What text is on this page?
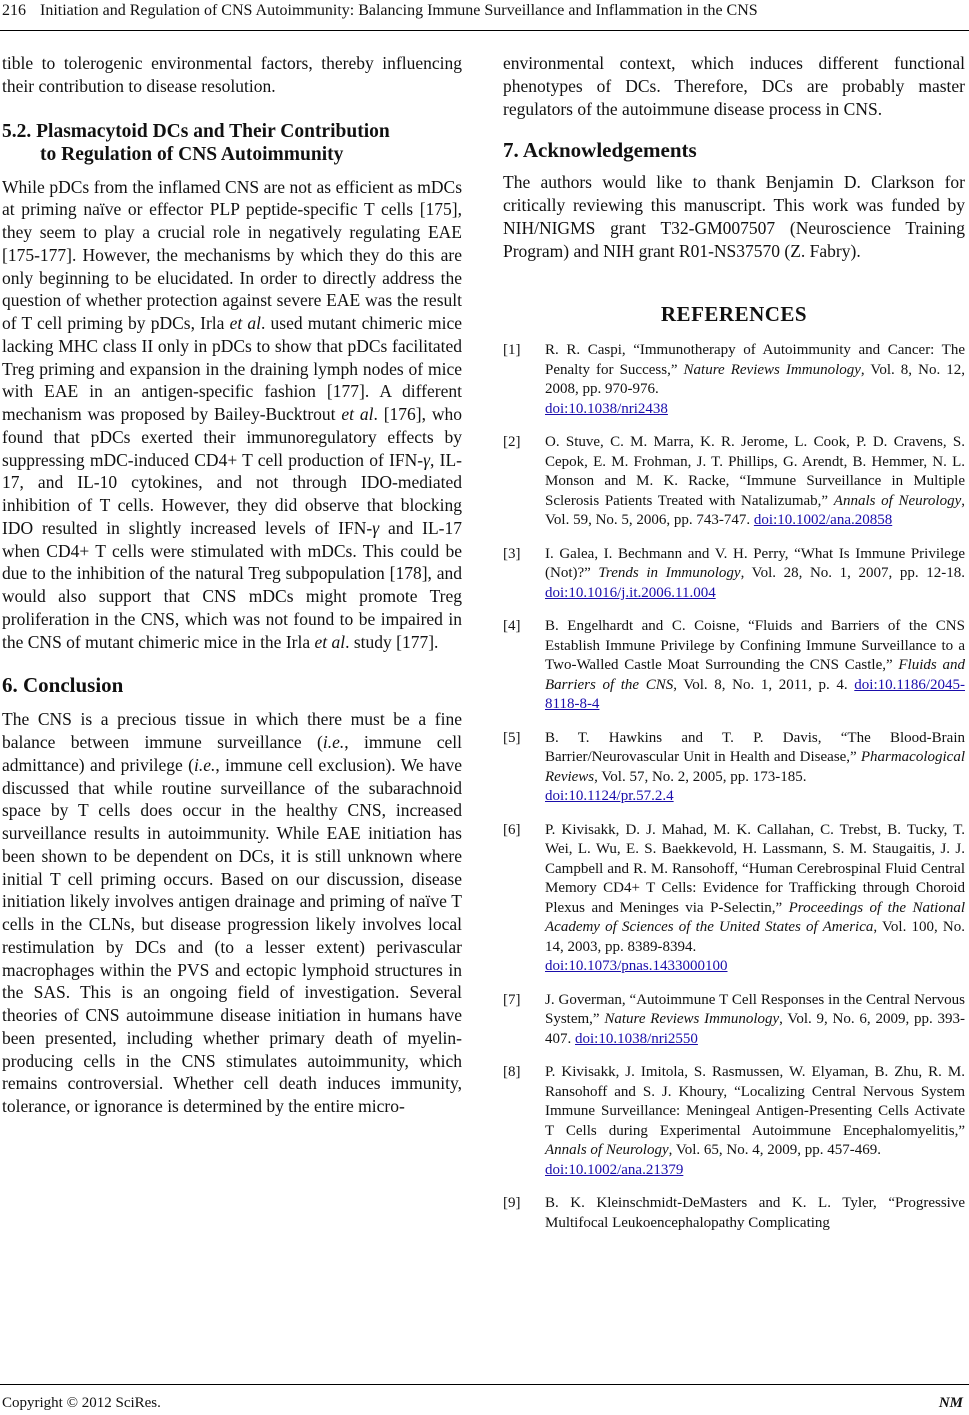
216 Initiation and Regulation of CNS Autoimmunity: Balancing Immune Surveillance and Inflammation in the CNS

tible to tolerogenic environmental factors, thereby influencing their contribution to disease resolution.

5.2. Plasmacytoid DCs and Their Contribution

to Regulation of CNS Autoimmunity

While pDCs from the inflamed CNS are not as efficient as mDCs at priming naïve or effector PLP peptide-specific T cells [175], they seem to play a crucial role in negatively regulating EAE [175-177]. However, the mechanisms by which they do this are only beginning to be elucidated. In order to directly address the question of whether protection against severe EAE was the result of T cell priming by pDCs, Irla et al. used mutant chimeric mice lacking MHC class II only in pDCs to show that pDCs facilitated Treg priming and expansion in the draining lymph nodes of mice with EAE in an antigen-specific fashion [177]. A different mechanism was proposed by Bailey-Bucktrout et al. [176], who found that pDCs exerted their immunoregulatory effects by suppressing mDC-induced CD4+ T cell production of IFN-γ, IL-17, and IL-10 cytokines, and not through IDO-mediated inhibition of T cells. However, they did observe that blocking IDO resulted in slightly increased levels of IFN-γ and IL-17 when CD4+ T cells were stimulated with mDCs. This could be due to the inhibition of the natural Treg subpopulation [178], and would also support that CNS mDCs might promote Treg proliferation in the CNS, which was not found to be impaired in the CNS of mutant chimeric mice in the Irla et al. study [177].

6. Conclusion

The CNS is a precious tissue in which there must be a fine balance between immune surveillance (i.e., immune cell admittance) and privilege (i.e., immune cell exclusion). We have discussed that while routine surveillance of the subarachnoid space by T cells does occur in the healthy CNS, increased surveillance results in autoimmunity. While EAE initiation has been shown to be dependent on DCs, it is still unknown where initial T cell priming occurs. Based on our discussion, disease initiation likely involves antigen drainage and priming of naïve T cells in the CLNs, but disease progression likely involves local restimulation by DCs and (to a lesser extent) perivascular macrophages within the PVS and ectopic lymphoid structures in the SAS. This is an ongoing field of investigation. Several theories of CNS autoimmune disease initiation in humans have been presented, including whether primary death of myelin-producing cells in the CNS stimulates autoimmunity, which remains controversial. Whether cell death induces immunity, tolerance, or ignorance is determined by the entire micro-

environmental context, which induces different functional phenotypes of DCs. Therefore, DCs are probably master regulators of the autoimmune disease process in CNS.

7. Acknowledgements

The authors would like to thank Benjamin D. Clarkson for critically reviewing this manuscript. This work was funded by NIH/NIGMS grant T32-GM007507 (Neuroscience Training Program) and NIH grant R01-NS37570 (Z. Fabry).

REFERENCES

[1] R. R. Caspi, “Immunotherapy of Autoimmunity and Cancer: The Penalty for Success,” Nature Reviews Immunology, Vol. 8, No. 12, 2008, pp. 970-976.
doi:10.1038/nri2438
[2] O. Stuve, C. M. Marra, K. R. Jerome, L. Cook, P. D. Cravens, S. Cepok, E. M. Frohman, J. T. Phillips, G. Arendt, B. Hemmer, N. L. Monson and M. K. Racke, “Immune Surveillance in Multiple Sclerosis Patients Treated with Natalizumab,” Annals of Neurology, Vol. 59, No. 5, 2006, pp. 743-747. doi:10.1002/ana.20858
[3] I. Galea, I. Bechmann and V. H. Perry, “What Is Immune Privilege (Not)?” Trends in Immunology, Vol. 28, No. 1, 2007, pp. 12-18. doi:10.1016/j.it.2006.11.004
[4] B. Engelhardt and C. Coisne, “Fluids and Barriers of the CNS Establish Immune Privilege by Confining Immune Surveillance to a Two-Walled Castle Moat Surrounding the CNS Castle,” Fluids and Barriers of the CNS, Vol. 8, No. 1, 2011, p. 4. doi:10.1186/2045-8118-8-4
[5] B. T. Hawkins and T. P. Davis, “The Blood-Brain Barrier/Neurovascular Unit in Health and Disease,” Pharmacological Reviews, Vol. 57, No. 2, 2005, pp. 173-185.
doi:10.1124/pr.57.2.4
[6] P. Kivisakk, D. J. Mahad, M. K. Callahan, C. Trebst, B. Tucky, T. Wei, L. Wu, E. S. Baekkevold, H. Lassmann, S. M. Staugaitis, J. J. Campbell and R. M. Ransohoff, “Human Cerebrospinal Fluid Central Memory CD4+ T Cells: Evidence for Trafficking through Choroid Plexus and Meninges via P-Selectin,” Proceedings of the National Academy of Sciences of the United States of America, Vol. 100, No. 14, 2003, pp. 8389-8394.
doi:10.1073/pnas.1433000100
[7] J. Goverman, “Autoimmune T Cell Responses in the Central Nervous System,” Nature Reviews Immunology, Vol. 9, No. 6, 2009, pp. 393-407. doi:10.1038/nri2550
[8] P. Kivisakk, J. Imitola, S. Rasmussen, W. Elyaman, B. Zhu, R. M. Ransohoff and S. J. Khoury, “Localizing Central Nervous System Immune Surveillance: Meningeal Antigen-Presenting Cells Activate T Cells during Experimental Autoimmune Encephalomyelitis,” Annals of Neurology, Vol. 65, No. 4, 2009, pp. 457-469.
doi:10.1002/ana.21379
[9] B. K. Kleinschmidt-DeMasters and K. L. Tyler, “Progressive Multifocal Leukoencephalopathy Complicating
Copyright © 2012 SciRes.	NM
